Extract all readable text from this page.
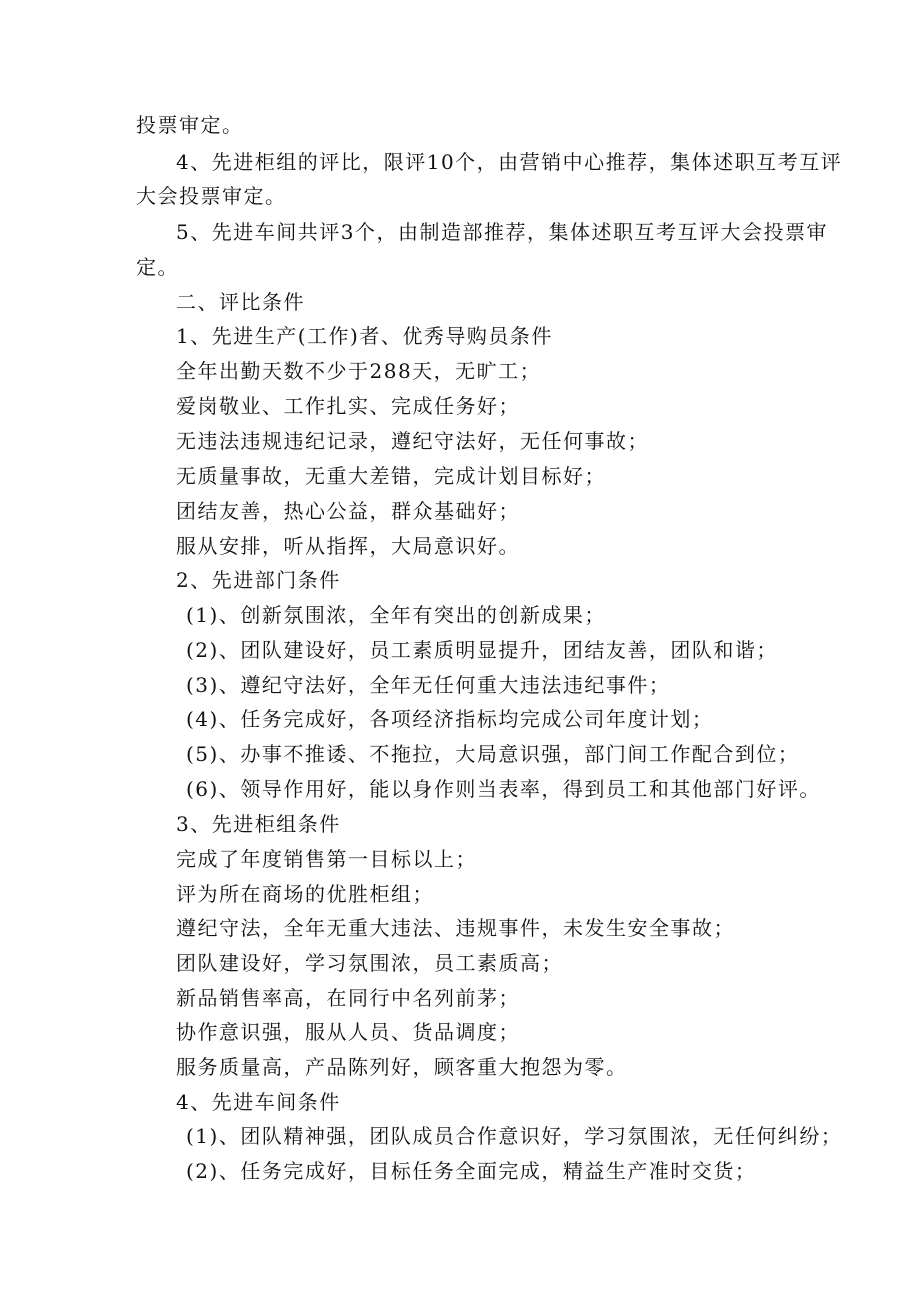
投票审定。
4、先进柜组的评比，限评10个，由营销中心推荐，集体述职互考互评
大会投票审定。
5、先进车间共评3个，由制造部推荐，集体述职互考互评大会投票审
定。
二、评比条件
1、先进生产(工作)者、优秀导购员条件
全年出勤天数不少于288天，无旷工；
爱岗敬业、工作扎实、完成任务好；
无违法违规违纪记录，遵纪守法好，无任何事故；
无质量事故，无重大差错，完成计划目标好；
团结友善，热心公益，群众基础好；
服从安排，听从指挥，大局意识好。
2、先进部门条件
(1)、创新氛围浓，全年有突出的创新成果；
(2)、团队建设好，员工素质明显提升，团结友善，团队和谐；
(3)、遵纪守法好，全年无任何重大违法违纪事件；
(4)、任务完成好，各项经济指标均完成公司年度计划；
(5)、办事不推诿、不拖拉，大局意识强，部门间工作配合到位；
(6)、领导作用好，能以身作则当表率，得到员工和其他部门好评。
3、先进柜组条件
完成了年度销售第一目标以上；
评为所在商场的优胜柜组；
遵纪守法，全年无重大违法、违规事件，未发生安全事故；
团队建设好，学习氛围浓，员工素质高；
新品销售率高，在同行中名列前茅；
协作意识强，服从人员、货品调度；
服务质量高，产品陈列好，顾客重大抱怨为零。
4、先进车间条件
(1)、团队精神强，团队成员合作意识好，学习氛围浓，无任何纠纷；
(2)、任务完成好，目标任务全面完成，精益生产准时交货；
